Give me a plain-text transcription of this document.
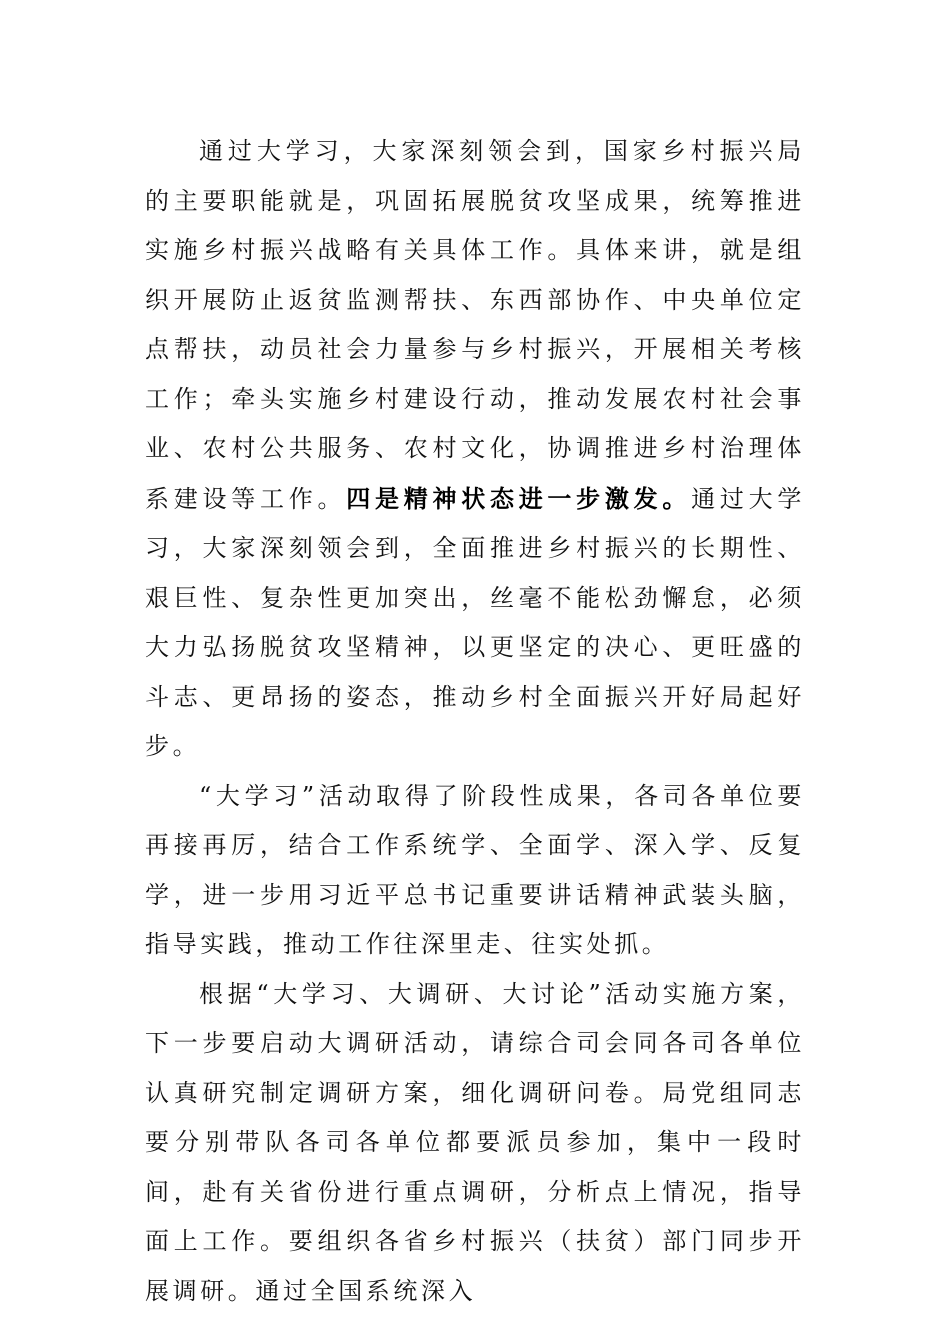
通过大学习，大家深刻领会到，国家乡村振兴局的主要职能就是，巩固拓展脱贫攻坚成果，统筹推进实施乡村振兴战略有关具体工作。具体来讲，就是组织开展防止返贫监测帮扶、东西部协作、中央单位定点帮扶，动员社会力量参与乡村振兴，开展相关考核工作；牵头实施乡村建设行动，推动发展农村社会事业、农村公共服务、农村文化，协调推进乡村治理体系建设等工作。四是精神状态进一步激发。通过大学习，大家深刻领会到，全面推进乡村振兴的长期性、艰巨性、复杂性更加突出，丝毫不能松劲懈怠，必须大力弘扬脱贫攻坚精神，以更坚定的决心、更旺盛的斗志、更昂扬的姿态，推动乡村全面振兴开好局起好步。

“大学习”活动取得了阶段性成果，各司各单位要再接再厉，结合工作系统学、全面学、深入学、反复学，进一步用习近平总书记重要讲话精神武装头脑，指导实践，推动工作往深里走、往实处抓。

根据“大学习、大调研、大讨论”活动实施方案，下一步要启动大调研活动，请综合司会同各司各单位认真研究制定调研方案，细化调研问卷。局党组同志要分别带队各司各单位都要派员参加，集中一段时间，赴有关省份进行重点调研，分析点上情况，指导面上工作。要组织各省乡村振兴（扶贫）部门同步开展调研。通过全国系统深入
